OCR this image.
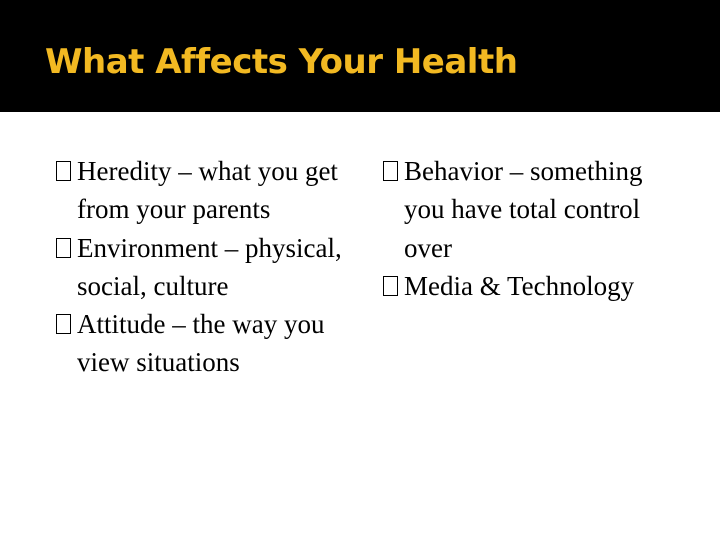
What Affects Your Health
Heredity – what you get from your parents
Environment – physical, social, culture
Attitude – the way you view situations
Behavior – something you have total control over
Media & Technology
